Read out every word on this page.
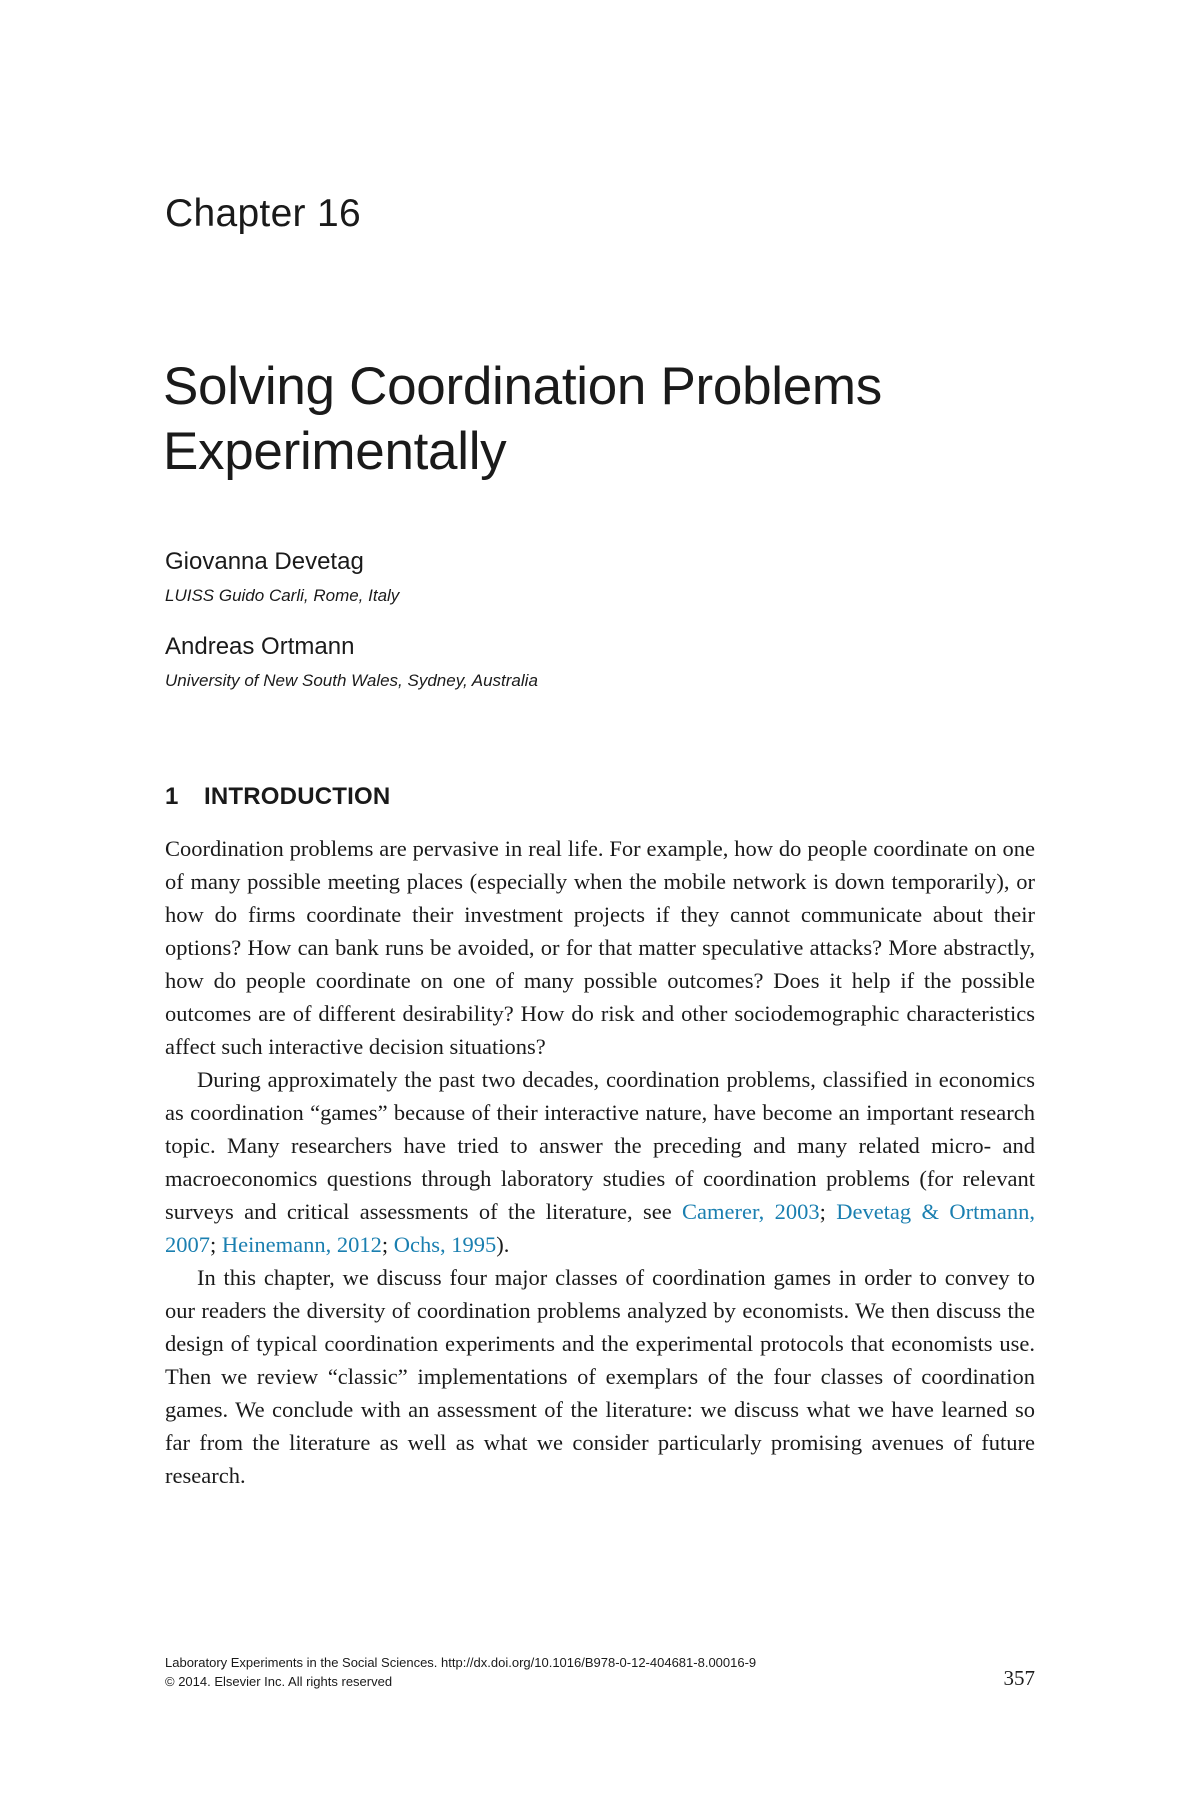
Chapter 16
Solving Coordination Problems Experimentally
Giovanna Devetag
LUISS Guido Carli, Rome, Italy
Andreas Ortmann
University of New South Wales, Sydney, Australia
1 INTRODUCTION

Coordination problems are pervasive in real life. For example, how do people coordinate on one of many possible meeting places (especially when the mobile network is down temporarily), or how do firms coordinate their investment projects if they cannot communicate about their options? How can bank runs be avoided, or for that matter speculative attacks? More abstractly, how do people coordinate on one of many possible outcomes? Does it help if the possible outcomes are of different desirability? How do risk and other sociodemographic characteristics affect such interactive decision situations?

During approximately the past two decades, coordination problems, classified in economics as coordination “games” because of their interactive nature, have become an important research topic. Many researchers have tried to answer the preceding and many related micro- and macroeconomics questions through laboratory studies of coordination problems (for relevant surveys and critical assessments of the literature, see Camerer, 2003; Devetag & Ortmann, 2007; Heinemann, 2012; Ochs, 1995).

In this chapter, we discuss four major classes of coordination games in order to convey to our readers the diversity of coordination problems analyzed by economists. We then discuss the design of typical coordination experiments and the experimental protocols that economists use. Then we review “classic” implementations of exemplars of the four classes of coordination games. We conclude with an assessment of the literature: we discuss what we have learned so far from the literature as well as what we consider particularly promising avenues of future research.

Laboratory Experiments in the Social Sciences. http://dx.doi.org/10.1016/B978-0-12-404681-8.00016-9
© 2014. Elsevier Inc. All rights reserved	357
